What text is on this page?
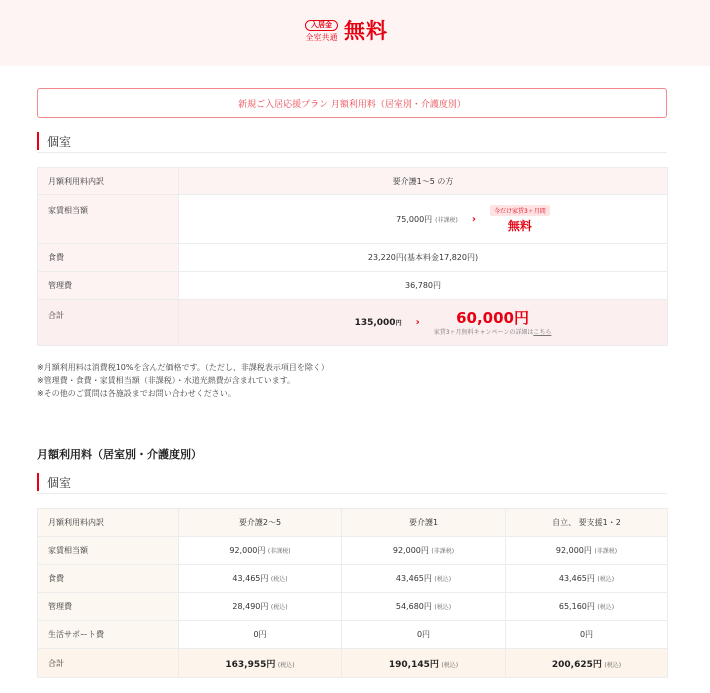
入居金
全室共通 無料
新規ご入居応援プラン 月額利用料（居室別・介護度別）
個室
月額利用料内訳	要介護1～5 の方
家賃相当額	75,000円 (非課税) ›
今だけ家賃3ヶ月間
無料

食費	23,220円(基本料金17,820円)
管理費	36,780円
合計	135,000円 › 60,000円
家賃3ヶ月無料キャンペーンの詳細はこちら
※月額利用料は消費税10%を含んだ価格です。（ただし、非課税表示項目を除く）
※管理費・食費・家賃相当額（非課税）・水道光熱費が含まれています。
※その他のご質問は各施設までお問い合わせください。
月額利用料（居室別・介護度別）
個室
月額利用料内訳	要介護2～5	要介護1	自立、 要支援1・2
家賃相当額	92,000円 (非課税)	92,000円 (非課税)	92,000円 (非課税)
食費	43,465円 (税込)	43,465円 (税込)	43,465円 (税込)
管理費	28,490円 (税込)	54,680円 (税込)	65,160円 (税込)
生活サポート費	0円	0円	0円
合計	163,955円 (税込)	190,145円 (税込)	200,625円 (税込)
